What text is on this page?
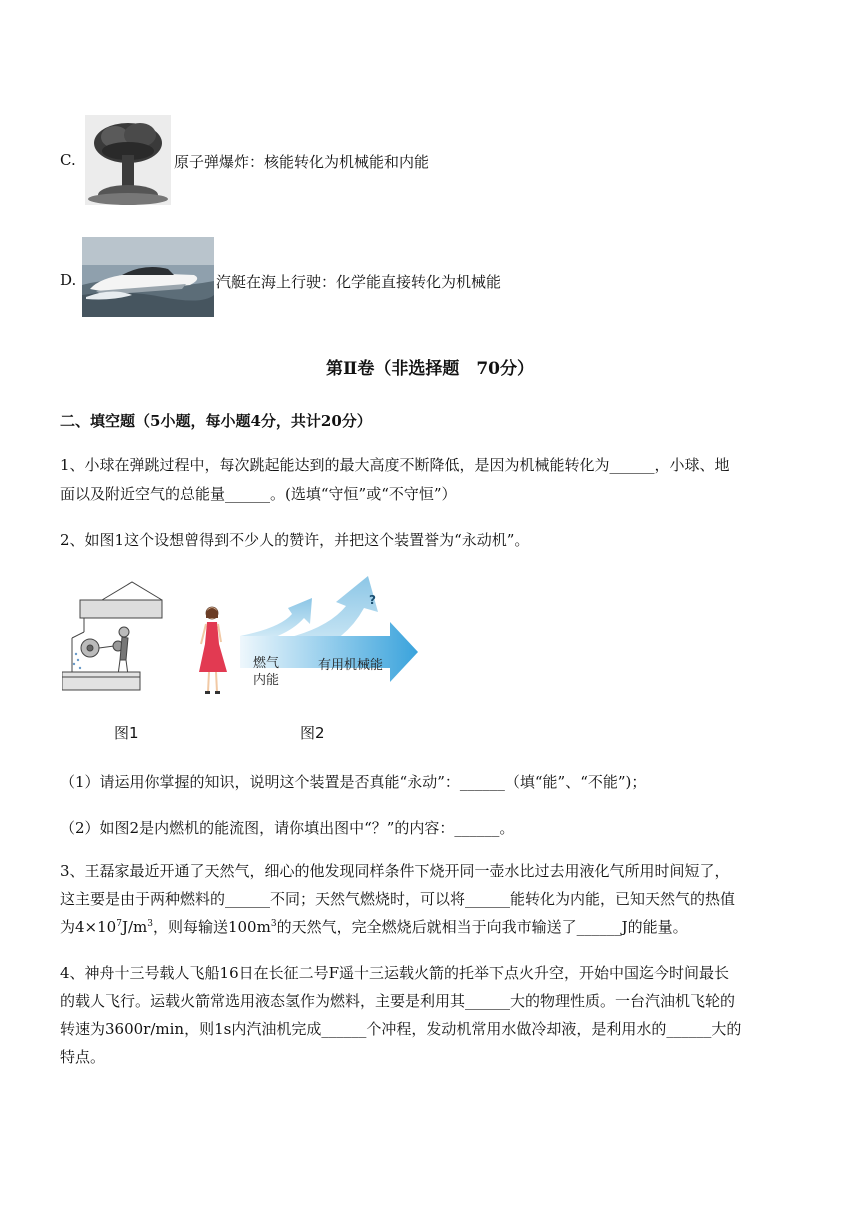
C.	原子弹爆炸：核能转化为机械能和内能
D.	汽艇在海上行驶：化学能直接转化为机械能
第Ⅱ卷（非选择题　70分）
二、填空题（5小题，每小题4分，共计20分）
1、小球在弹跳过程中，每次跳起能达到的最大高度不断降低，是因为机械能转化为______，小球、地
面以及附近空气的总能量______。(选填“守恒”或“不守恒”）
2、如图1这个设想曾得到不少人的赞许，并把这个装置誉为“永动机”。
图1
?
燃气
内能
有用机械能
图2
（1）请运用你掌握的知识，说明这个装置是否真能“永动”：______（填“能”、“不能”)；
（2）如图2是内燃机的能流图，请你填出图中“？”的内容：______。
3、王磊家最近开通了天然气，细心的他发现同样条件下烧开同一壶水比过去用液化气所用时间短了，
这主要是由于两种燃料的______不同；天然气燃烧时，可以将______能转化为内能，已知天然气的热值
为$4\times 10^7J/m^3$，则每输送$100m^3$的天然气，完全燃烧后就相当于向我市输送了______J的能量。
4、神舟十三号载人飞船16日在长征二号F遥十三运载火箭的托举下点火升空，开始中国迄今时间最长
的载人飞行。运载火箭常选用液态氢作为燃料，主要是利用其______大的物理性质。一台汽油机飞轮的
转速为3600r/min，则1s内汽油机完成______个冲程，发动机常用水做冷却液，是利用水的______大的
特点。
